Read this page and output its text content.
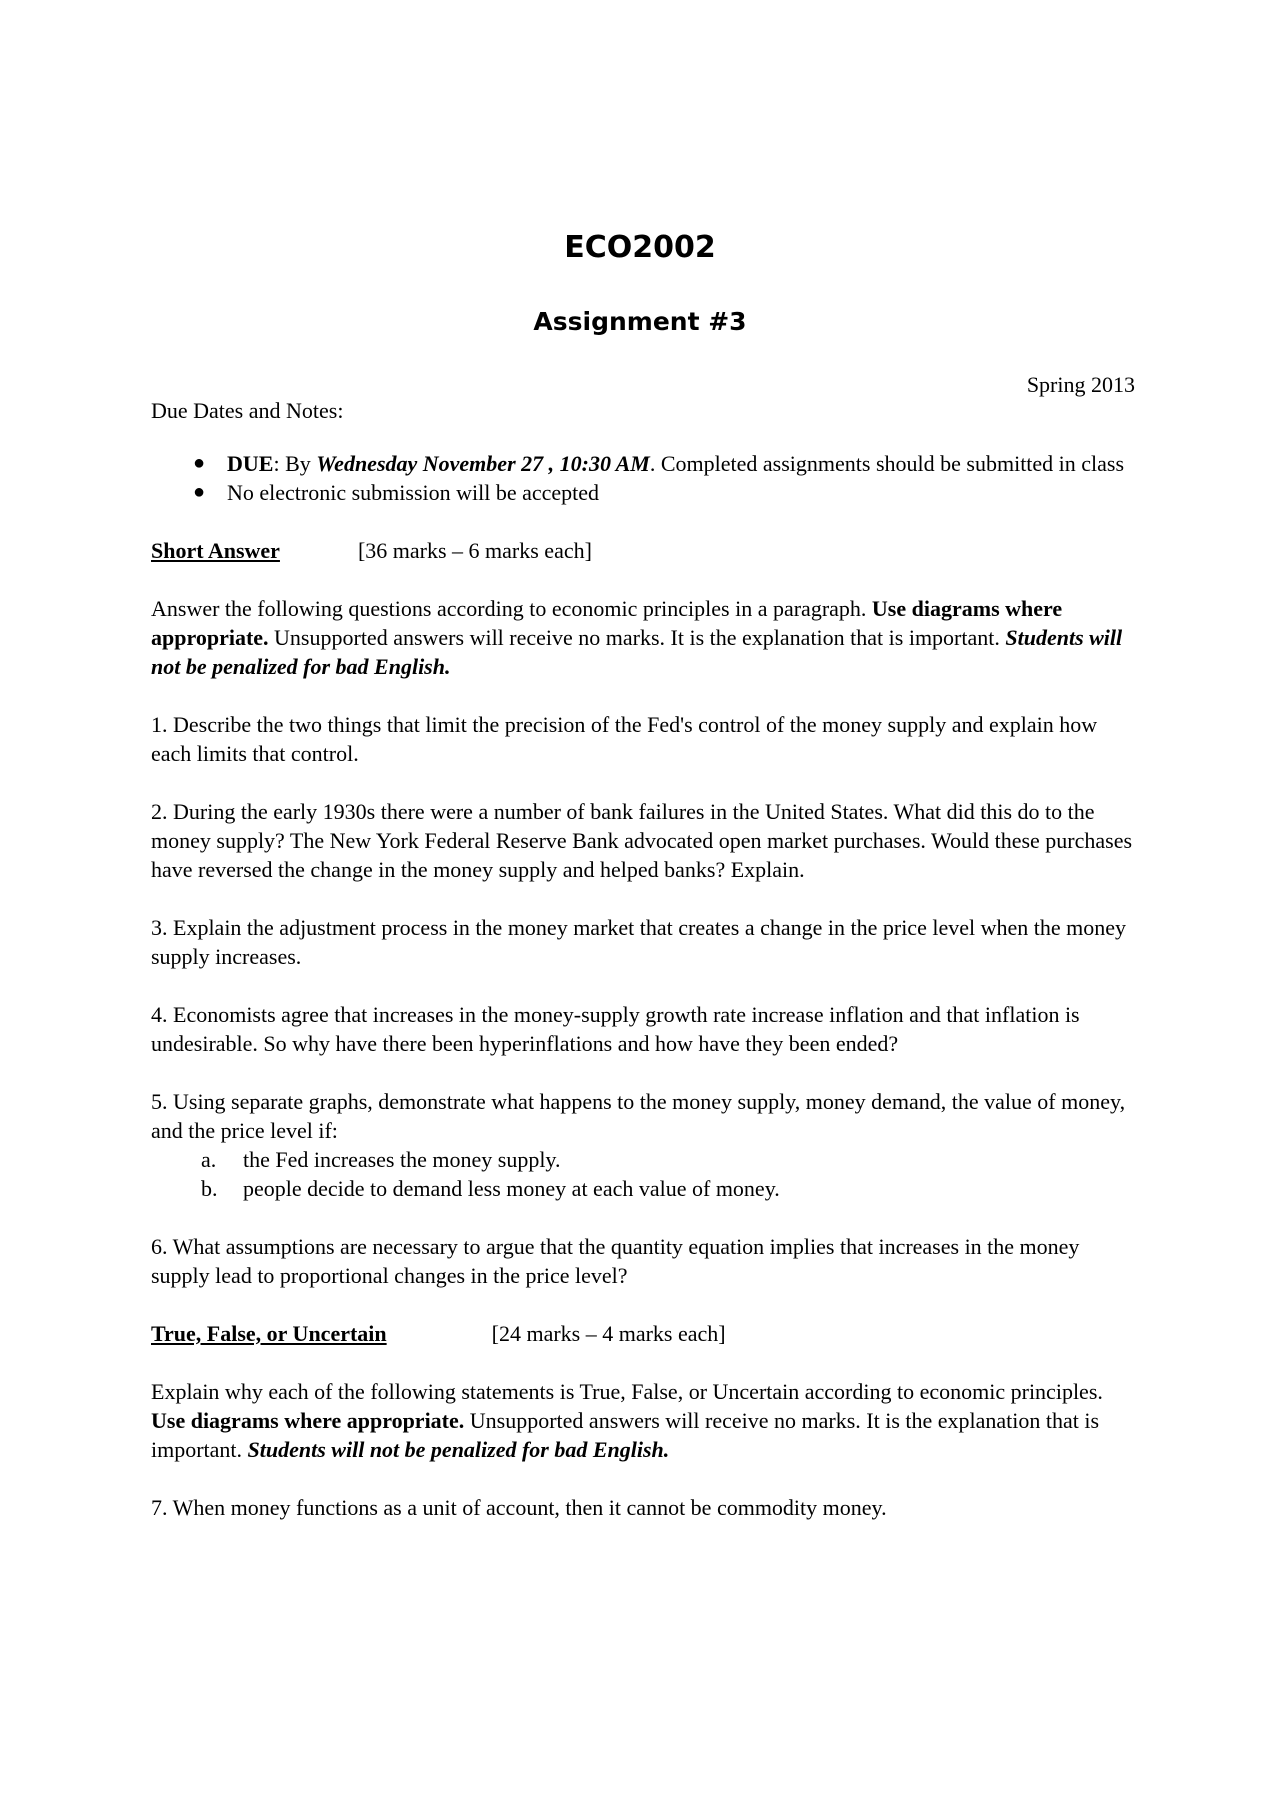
ECO2002
Assignment #3
Spring 2013

Due Dates and Notes:

● DUE: By Wednesday November 27 , 10:30 AM. Completed assignments should be submitted in class
● No electronic submission will be accepted
Short Answer	[36 marks – 6 marks each]

Answer the following questions according to economic principles in a paragraph. Use diagrams where appropriate. Unsupported answers will receive no marks. It is the explanation that is important. Students will not be penalized for bad English.

1. Describe the two things that limit the precision of the Fed's control of the money supply and explain how each limits that control.

2. During the early 1930s there were a number of bank failures in the United States. What did this do to the money supply? The New York Federal Reserve Bank advocated open market purchases. Would these purchases have reversed the change in the money supply and helped banks? Explain.

3. Explain the adjustment process in the money market that creates a change in the price level when the money supply increases.

4. Economists agree that increases in the money-supply growth rate increase inflation and that inflation is undesirable. So why have there been hyperinflations and how have they been ended?

5. Using separate graphs, demonstrate what happens to the money supply, money demand, the value of money, and the price level if:

a. the Fed increases the money supply.
b. people decide to demand less money at each value of money.

6. What assumptions are necessary to argue that the quantity equation implies that increases in the money supply lead to proportional changes in the price level?

True, False, or Uncertain	[24 marks – 4 marks each]

Explain why each of the following statements is True, False, or Uncertain according to economic principles. Use diagrams where appropriate. Unsupported answers will receive no marks. It is the explanation that is important. Students will not be penalized for bad English.

7. When money functions as a unit of account, then it cannot be commodity money.
